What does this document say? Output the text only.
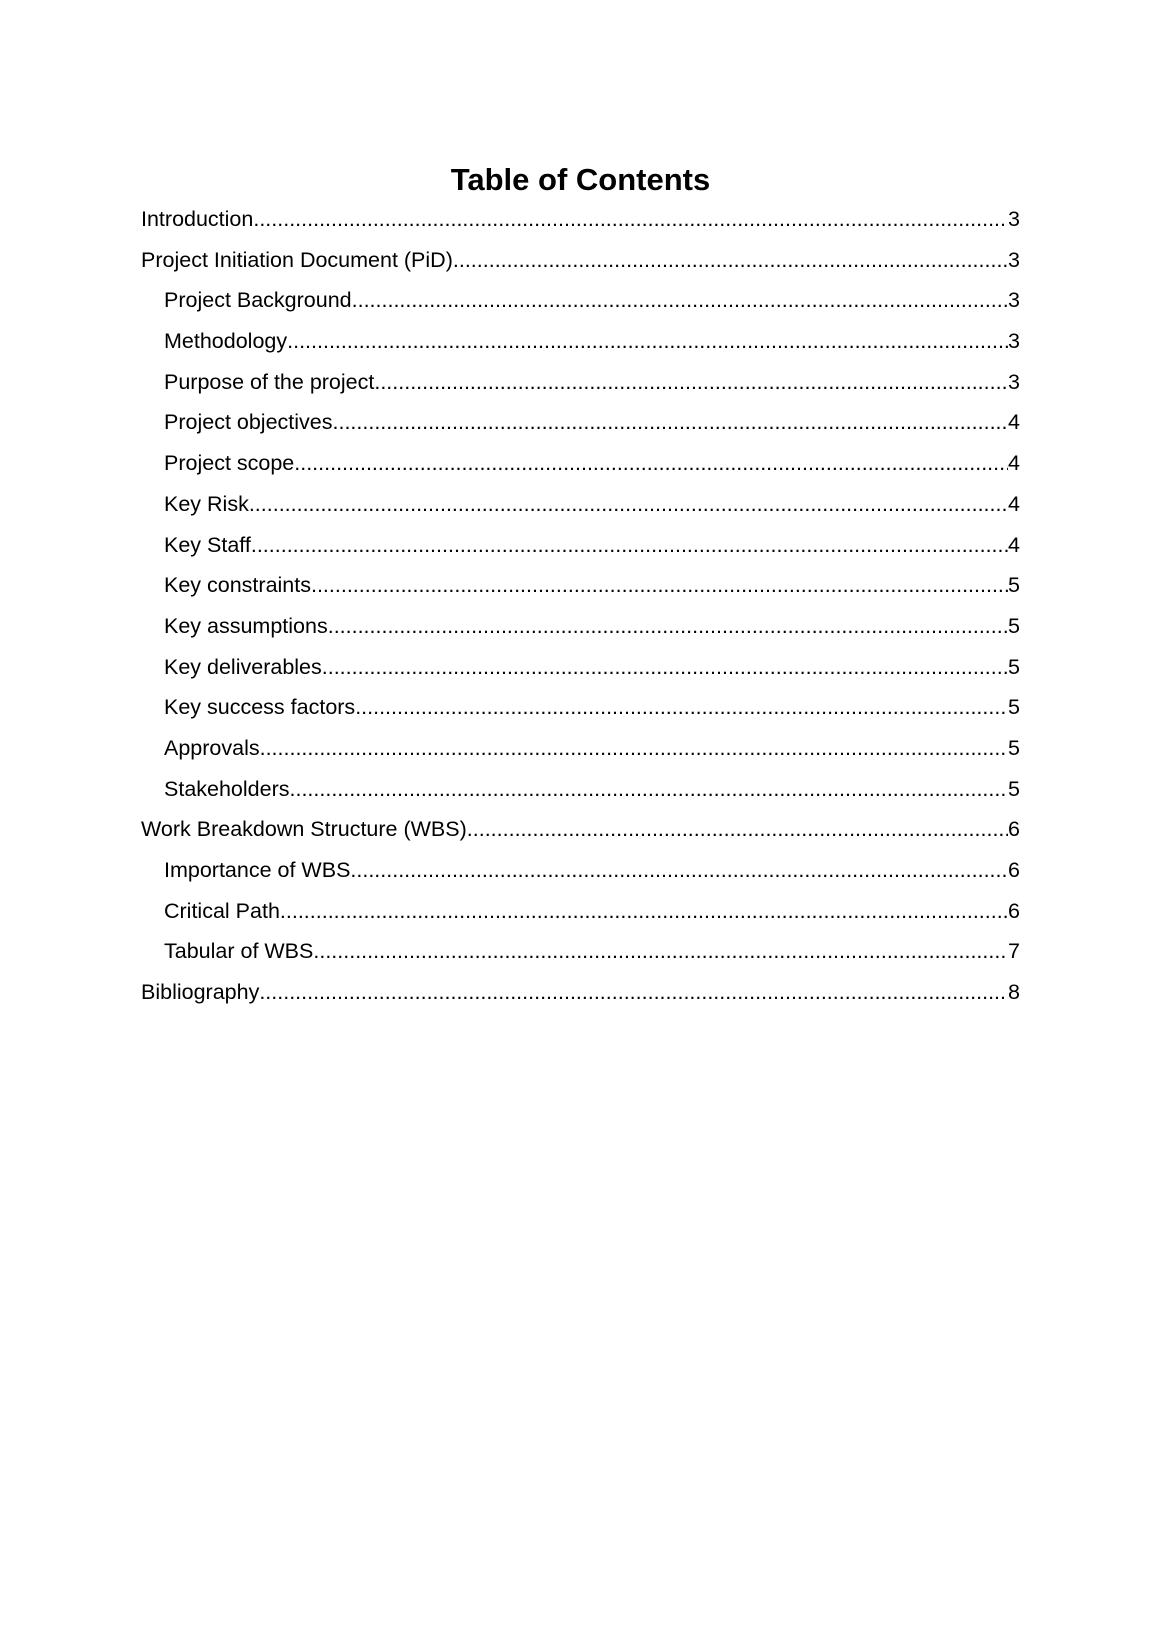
Table of Contents
Introduction .....	3
Project Initiation Document (PiD) .....	3
Project Background .....	3
Methodology .....	3
Purpose of the project .....	3
Project objectives .....	4
Project scope .....	4
Key Risk .....	4
Key Staff .....	4
Key constraints .....	5
Key assumptions .....	5
Key deliverables .....	5
Key success factors .....	5
Approvals .....	5
Stakeholders .....	5
Work Breakdown Structure (WBS) .....	6
Importance of WBS .....	6
Critical Path .....	6
Tabular of WBS .....	7
Bibliography .....	8
